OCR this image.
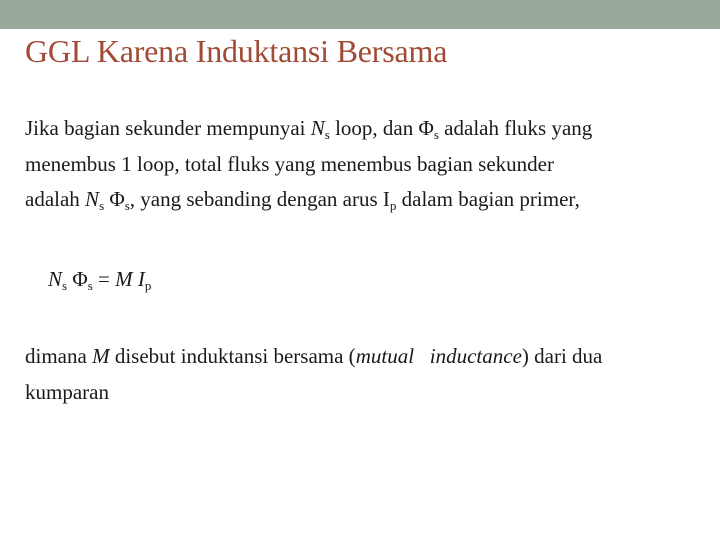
GGL Karena Induktansi Bersama
Jika bagian sekunder mempunyai $N_s$ loop, dan $\Phi_s$ adalah fluks yang
menembus 1 loop, total fluks yang menembus bagian sekunder
adalah $N_s$ $\Phi_s$, yang sebanding dengan arus $I_p$ dalam bagian primer,
$N_s$ $\Phi_s = M$ $I_p$
dimana M disebut induktansi bersama (mutual   inductance) dari dua
kumparan
